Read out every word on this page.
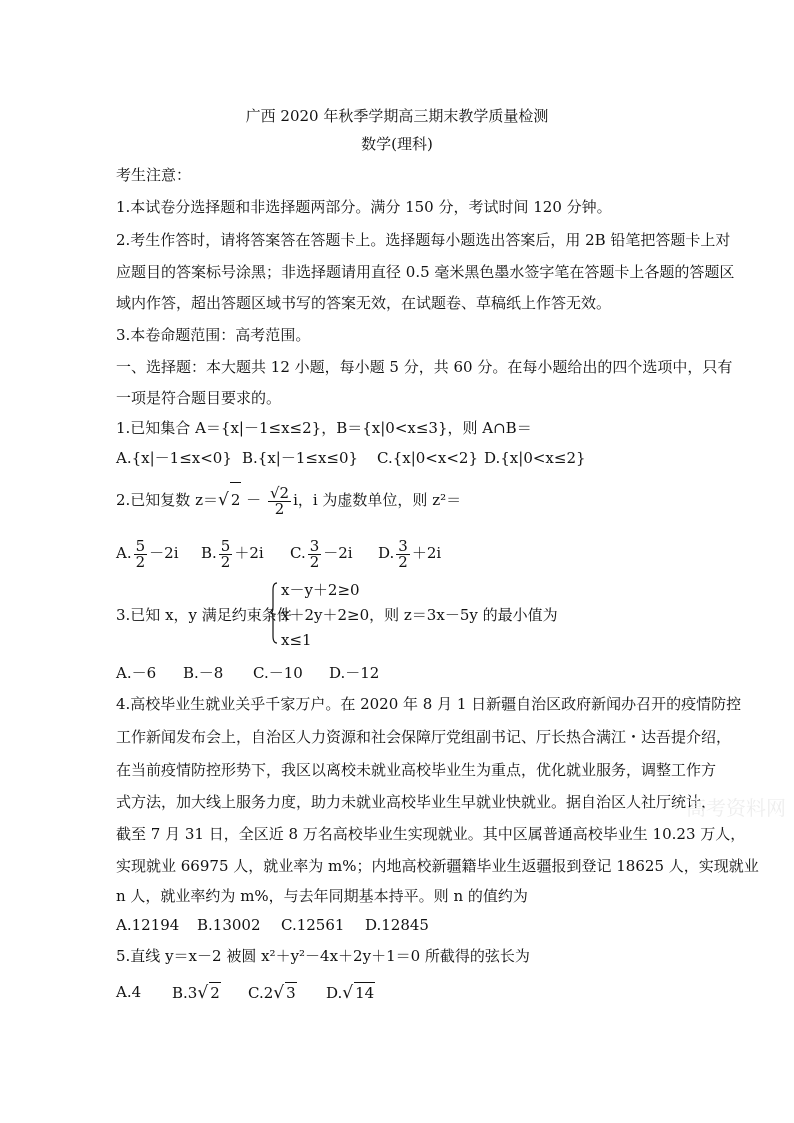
广西 2020 年秋季学期高三期末教学质量检测
数学(理科)
考生注意：
1.本试卷分选择题和非选择题两部分。满分 150 分，考试时间 120 分钟。
2.考生作答时，请将答案答在答题卡上。选择题每小题选出答案后，用 2B 铅笔把答题卡上对
应题目的答案标号涂黑；非选择题请用直径 0.5 毫米黑色墨水签字笔在答题卡上各题的答题区
域内作答，超出答题区域书写的答案无效，在试题卷、草稿纸上作答无效。
3.本卷命题范围：高考范围。
一、选择题：本大题共 12 小题，每小题 5 分，共 60 分。在每小题给出的四个选项中，只有
一项是符合题目要求的。
1.已知集合 A＝{x|－1≤x≤2}，B＝{x|0<x≤3}，则 A∩B＝
A.{x|－1≤x<0} B.{x|－1≤x≤0} C.{x|0<x<2} D.{x|0<x≤2}
2.已知复数 z＝√ $2 - \frac{√2}{2}$ i，i 为虚数单位，则 z²＝
A. $\frac{5}{2} -2i$ B. $\frac{5}{2} +2i$ C. $\frac{3}{2} -2i$ D. $\frac{3}{2} +2i$
3.已知 x，y 满足约束条件
x－y＋2≥0
x＋2y＋2≥0，则 z＝3x－5y 的最小值为
x≤1
A.－6 B.－8 C.－10 D.－12
4.高校毕业生就业关乎千家万户。在 2020 年 8 月 1 日新疆自治区政府新闻办召开的疫情防控
工作新闻发布会上，自治区人力资源和社会保障厅党组副书记、厅长热合满江・达吾提介绍，
在当前疫情防控形势下，我区以离校未就业高校毕业生为重点，优化就业服务，调整工作方
式方法，加大线上服务力度，助力未就业高校毕业生早就业快就业。据自治区人社厅统计，
截至 7 月 31 日，全区近 8 万名高校毕业生实现就业。其中区属普通高校毕业生 10.23 万人，
实现就业 66975 人，就业率为 m%；内地高校新疆籍毕业生返疆报到登记 18625 人，实现就业
n 人，就业率约为 m%，与去年同期基本持平。则 n 的值约为
A.12194 B.13002 C.12561 D.12845
5.直线 y＝x－2 被圆 x²＋y²－4x＋2y＋1＝0 所截得的弦长为
A.4 B.3√ 2 C.2√ 3 D.√ 14
高考资料网
